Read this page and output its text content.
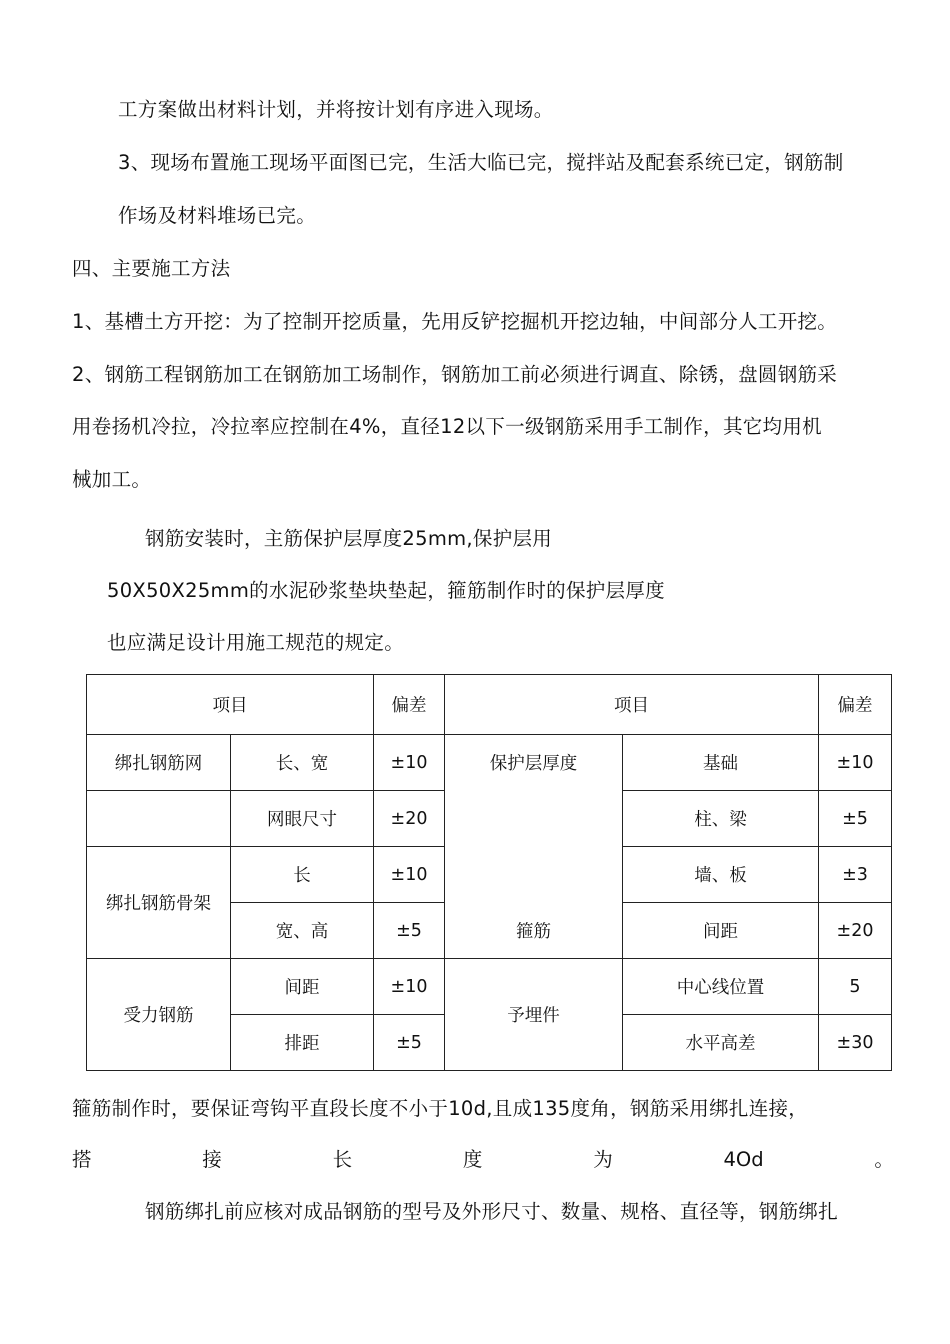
工方案做出材料计划，并将按计划有序进入现场。
3、现场布置施工现场平面图已完，生活大临已完，搅拌站及配套系统已定，钢筋制
作场及材料堆场已完。
四、主要施工方法
1、基槽土方开挖：为了控制开挖质量，先用反铲挖掘机开挖边轴，中间部分人工开挖。
2、钢筋工程钢筋加工在钢筋加工场制作，钢筋加工前必须进行调直、除锈，盘圆钢筋采
用卷扬机冷拉，冷拉率应控制在4%，直径12以下一级钢筋采用手工制作，其它均用机
械加工。
钢筋安装时，主筋保护层厚度25mm,保护层用
50X50X25mm的水泥砂浆垫块垫起，箍筋制作时的保护层厚度
也应满足设计用施工规范的规定。
项目		偏差	项目		偏差
绑扎钢筋网	长、宽	±10	保护层厚度	基础	±10
	网眼尺寸	±20		柱、梁	±5
绑扎钢筋骨架	长	±10		墙、板	±3
	宽、高	±5	箍筋	间距	±20
受力钢筋	间距	±10	予埋件	中心线位置	5
	排距	±5		水平高差	±30
箍筋制作时，要保证弯钩平直段长度不小于10d,且成135度角，钢筋采用绑扎连接，
搭	接	长	度	为	4Od	。
钢筋绑扎前应核对成品钢筋的型号及外形尺寸、数量、规格、直径等，钢筋绑扎
